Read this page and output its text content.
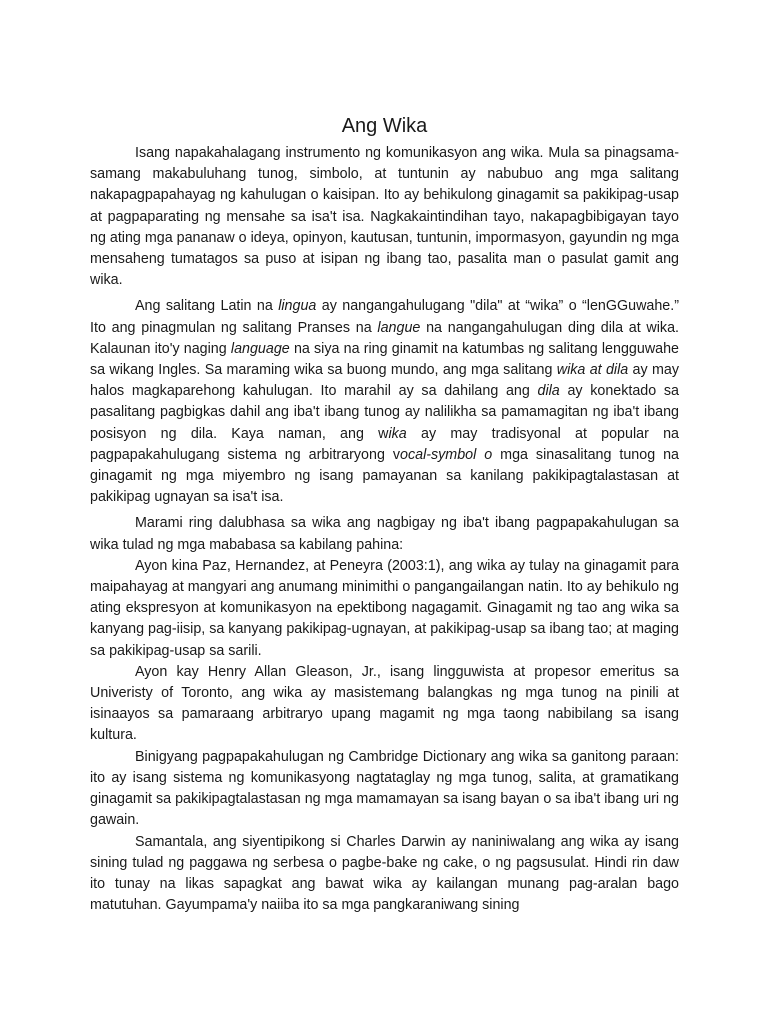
Ang Wika

Isang napakahalagang instrumento ng komunikasyon ang wika. Mula sa pinagsama-samang makabuluhang tunog, simbolo, at tuntunin ay nabubuo ang mga salitang nakapagpapahayag ng kahulugan o kaisipan. Ito ay behikulong ginagamit sa pakikipag-usap at pagpaparating ng mensahe sa isa't isa. Nagkakaintindihan tayo, nakapagbibigayan tayo ng ating mga pananaw o ideya, opinyon, kautusan, tuntunin, impormasyon, gayundin ng mga mensaheng tumatagos sa puso at isipan ng ibang tao, pasalita man o pasulat gamit ang wika.

Ang salitang Latin na lingua ay nangangahulugang "dila" at “wika” o “lenGGuwahe.” Ito ang pinagmulan ng salitang Pranses na langue na nangangahulugan ding dila at wika. Kalaunan ito'y naging language na siya na ring ginamit na katumbas ng salitang lengguwahe sa wikang Ingles. Sa maraming wika sa buong mundo, ang mga salitang wika at dila ay may halos magkaparehong kahulugan. Ito marahil ay sa dahilang ang dila ay konektado sa pasalitang pagbigkas dahil ang iba't ibang tunog ay nalilikha sa pamamagitan ng iba't ibang posisyon ng dila. Kaya naman, ang wika ay may tradisyonal at popular na pagpapakahulugang sistema ng arbitraryong vocal-symbol o mga sinasalitang tunog na ginagamit ng mga miyembro ng isang pamayanan sa kanilang pakikipagtalastasan at pakikipag ugnayan sa isa't isa.

Marami ring dalubhasa sa wika ang nagbigay ng iba't ibang pagpapakahulugan sa wika tulad ng mga mababasa sa kabilang pahina:

Ayon kina Paz, Hernandez, at Peneyra (2003:1), ang wika ay tulay na ginagamit para maipahayag at mangyari ang anumang minimithi o pangangailangan natin. Ito ay behikulo ng ating ekspresyon at komunikasyon na epektibong nagagamit. Ginagamit ng tao ang wika sa kanyang pag-iisip, sa kanyang pakikipag-ugnayan, at pakikipag-usap sa ibang tao; at maging sa pakikipag-usap sa sarili.

Ayon kay Henry Allan Gleason, Jr., isang lingguwista at propesor emeritus sa Univeristy of Toronto, ang wika ay masistemang balangkas ng mga tunog na pinili at isinaayos sa pamaraang arbitraryo upang magamit ng mga taong nabibilang sa isang kultura.

Binigyang pagpapakahulugan ng Cambridge Dictionary ang wika sa ganitong paraan: ito ay isang sistema ng komunikasyong nagtataglay ng mga tunog, salita, at gramatikang ginagamit sa pakikipagtalastasan ng mga mamamayan sa isang bayan o sa iba't ibang uri ng gawain.

Samantala, ang siyentipikong si Charles Darwin ay naniniwalang ang wika ay isang sining tulad ng paggawa ng serbesa o pagbe-bake ng cake, o ng pagsusulat. Hindi rin daw ito tunay na likas sapagkat ang bawat wika ay kailangan munang pag-aralan bago matutuhan. Gayumpama'y naiiba ito sa mga pangkaraniwang sining
